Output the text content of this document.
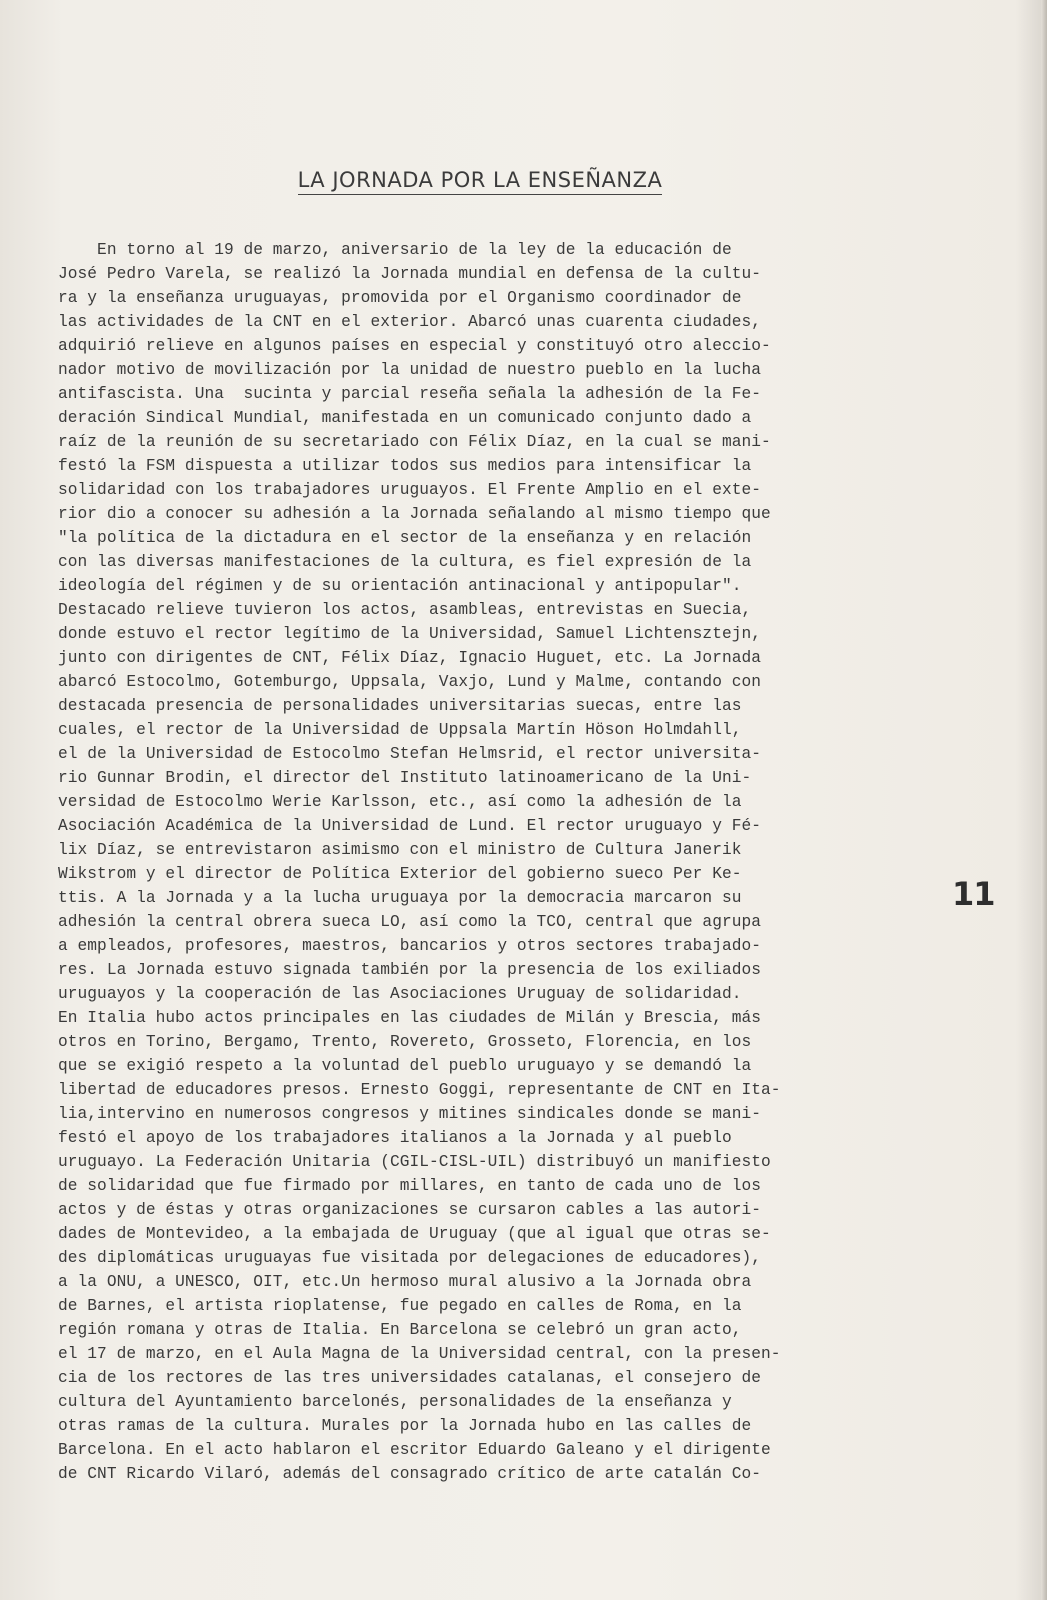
LA JORNADA POR LA ENSEÑANZA
En torno al 19 de marzo, aniversario de la ley de la educación de
José Pedro Varela, se realizó la Jornada mundial en defensa de la cultu-
ra y la enseñanza uruguayas, promovida por el Organismo coordinador de
las actividades de la CNT en el exterior. Abarcó unas cuarenta ciudades,
adquirió relieve en algunos países en especial y constituyó otro aleccio-
nador motivo de movilización por la unidad de nuestro pueblo en la lucha
antifascista. Una  sucinta y parcial reseña señala la adhesión de la Fe-
deración Sindical Mundial, manifestada en un comunicado conjunto dado a
raíz de la reunión de su secretariado con Félix Díaz, en la cual se mani-
festó la FSM dispuesta a utilizar todos sus medios para intensificar la
solidaridad con los trabajadores uruguayos. El Frente Amplio en el exte-
rior dio a conocer su adhesión a la Jornada señalando al mismo tiempo que
"la política de la dictadura en el sector de la enseñanza y en relación
con las diversas manifestaciones de la cultura, es fiel expresión de la
ideología del régimen y de su orientación antinacional y antipopular".
Destacado relieve tuvieron los actos, asambleas, entrevistas en Suecia,
donde estuvo el rector legítimo de la Universidad, Samuel Lichtensztejn,
junto con dirigentes de CNT, Félix Díaz, Ignacio Huguet, etc. La Jornada
abarcó Estocolmo, Gotemburgo, Uppsala, Vaxjo, Lund y Malme, contando con
destacada presencia de personalidades universitarias suecas, entre las
cuales, el rector de la Universidad de Uppsala Martín Höson Holmdahll,
el de la Universidad de Estocolmo Stefan Helmsrid, el rector universita-
rio Gunnar Brodin, el director del Instituto latinoamericano de la Uni-
versidad de Estocolmo Werie Karlsson, etc., así como la adhesión de la
Asociación Académica de la Universidad de Lund. El rector uruguayo y Fé-
lix Díaz, se entrevistaron asimismo con el ministro de Cultura Janerik
Wikstrom y el director de Política Exterior del gobierno sueco Per Ke-
ttis. A la Jornada y a la lucha uruguaya por la democracia marcaron su
adhesión la central obrera sueca LO, así como la TCO, central que agrupa
a empleados, profesores, maestros, bancarios y otros sectores trabajado-
res. La Jornada estuvo signada también por la presencia de los exiliados
uruguayos y la cooperación de las Asociaciones Uruguay de solidaridad.
En Italia hubo actos principales en las ciudades de Milán y Brescia, más
otros en Torino, Bergamo, Trento, Rovereto, Grosseto, Florencia, en los
que se exigió respeto a la voluntad del pueblo uruguayo y se demandó la
libertad de educadores presos. Ernesto Goggi, representante de CNT en Ita-
lia,intervino en numerosos congresos y mitines sindicales donde se mani-
festó el apoyo de los trabajadores italianos a la Jornada y al pueblo
uruguayo. La Federación Unitaria (CGIL-CISL-UIL) distribuyó un manifiesto
de solidaridad que fue firmado por millares, en tanto de cada uno de los
actos y de éstas y otras organizaciones se cursaron cables a las autori-
dades de Montevideo, a la embajada de Uruguay (que al igual que otras se-
des diplomáticas uruguayas fue visitada por delegaciones de educadores),
a la ONU, a UNESCO, OIT, etc.Un hermoso mural alusivo a la Jornada obra
de Barnes, el artista rioplatense, fue pegado en calles de Roma, en la
región romana y otras de Italia. En Barcelona se celebró un gran acto,
el 17 de marzo, en el Aula Magna de la Universidad central, con la presen-
cia de los rectores de las tres universidades catalanas, el consejero de
cultura del Ayuntamiento barcelonés, personalidades de la enseñanza y
otras ramas de la cultura. Murales por la Jornada hubo en las calles de
Barcelona. En el acto hablaron el escritor Eduardo Galeano y el dirigente
de CNT Ricardo Vilaró, además del consagrado crítico de arte catalán Co-
11
